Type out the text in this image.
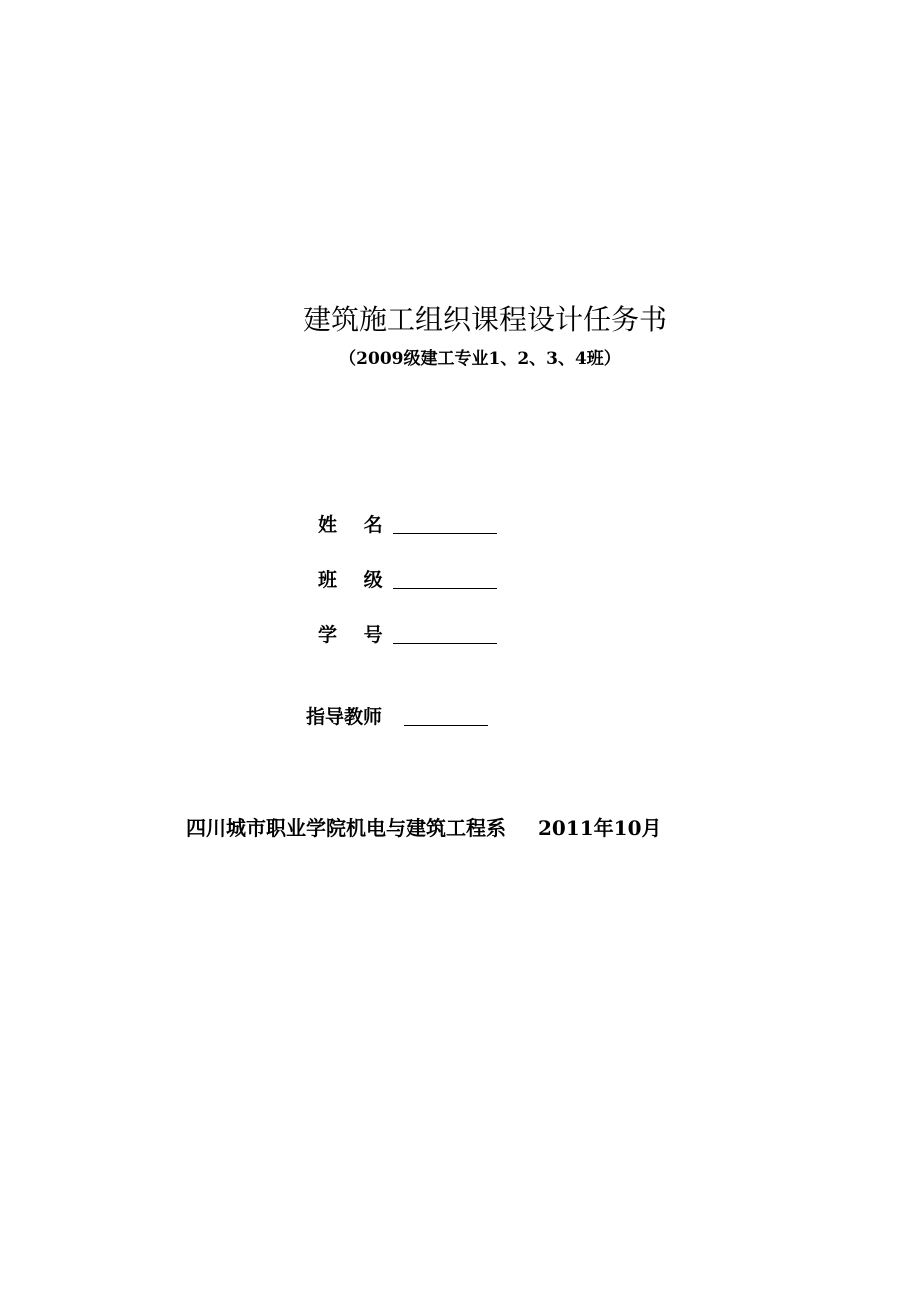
建筑施工组织课程设计任务书
（2009级建工专业1、2、3、4班）
姓 名
班 级
学 号
指导教师
四川城市职业学院机电与建筑工程系 2011年10月
